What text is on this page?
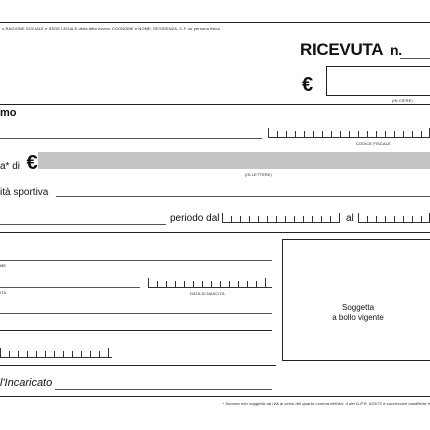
o RAGIONE SOCIALE e SEDE LEGALE della ditta ovvero COGNOME e NOME, RESIDENZA, C.F. se persona fisica
RICEVUTA n.
€
(IN CIFRE)
mo
CODICE FISCALE
a* di €
(IN LETTERE)
ità sportiva
periodo dal	al
ME
ITA	DATA DI NASCITA
Soggetta
a bollo vigente
l'Incaricato
* Somma non soggetta ad IVA ai sensi del quarto comma dell'Art. 4 del D.P.R. 633/72 e successive modifiche e
